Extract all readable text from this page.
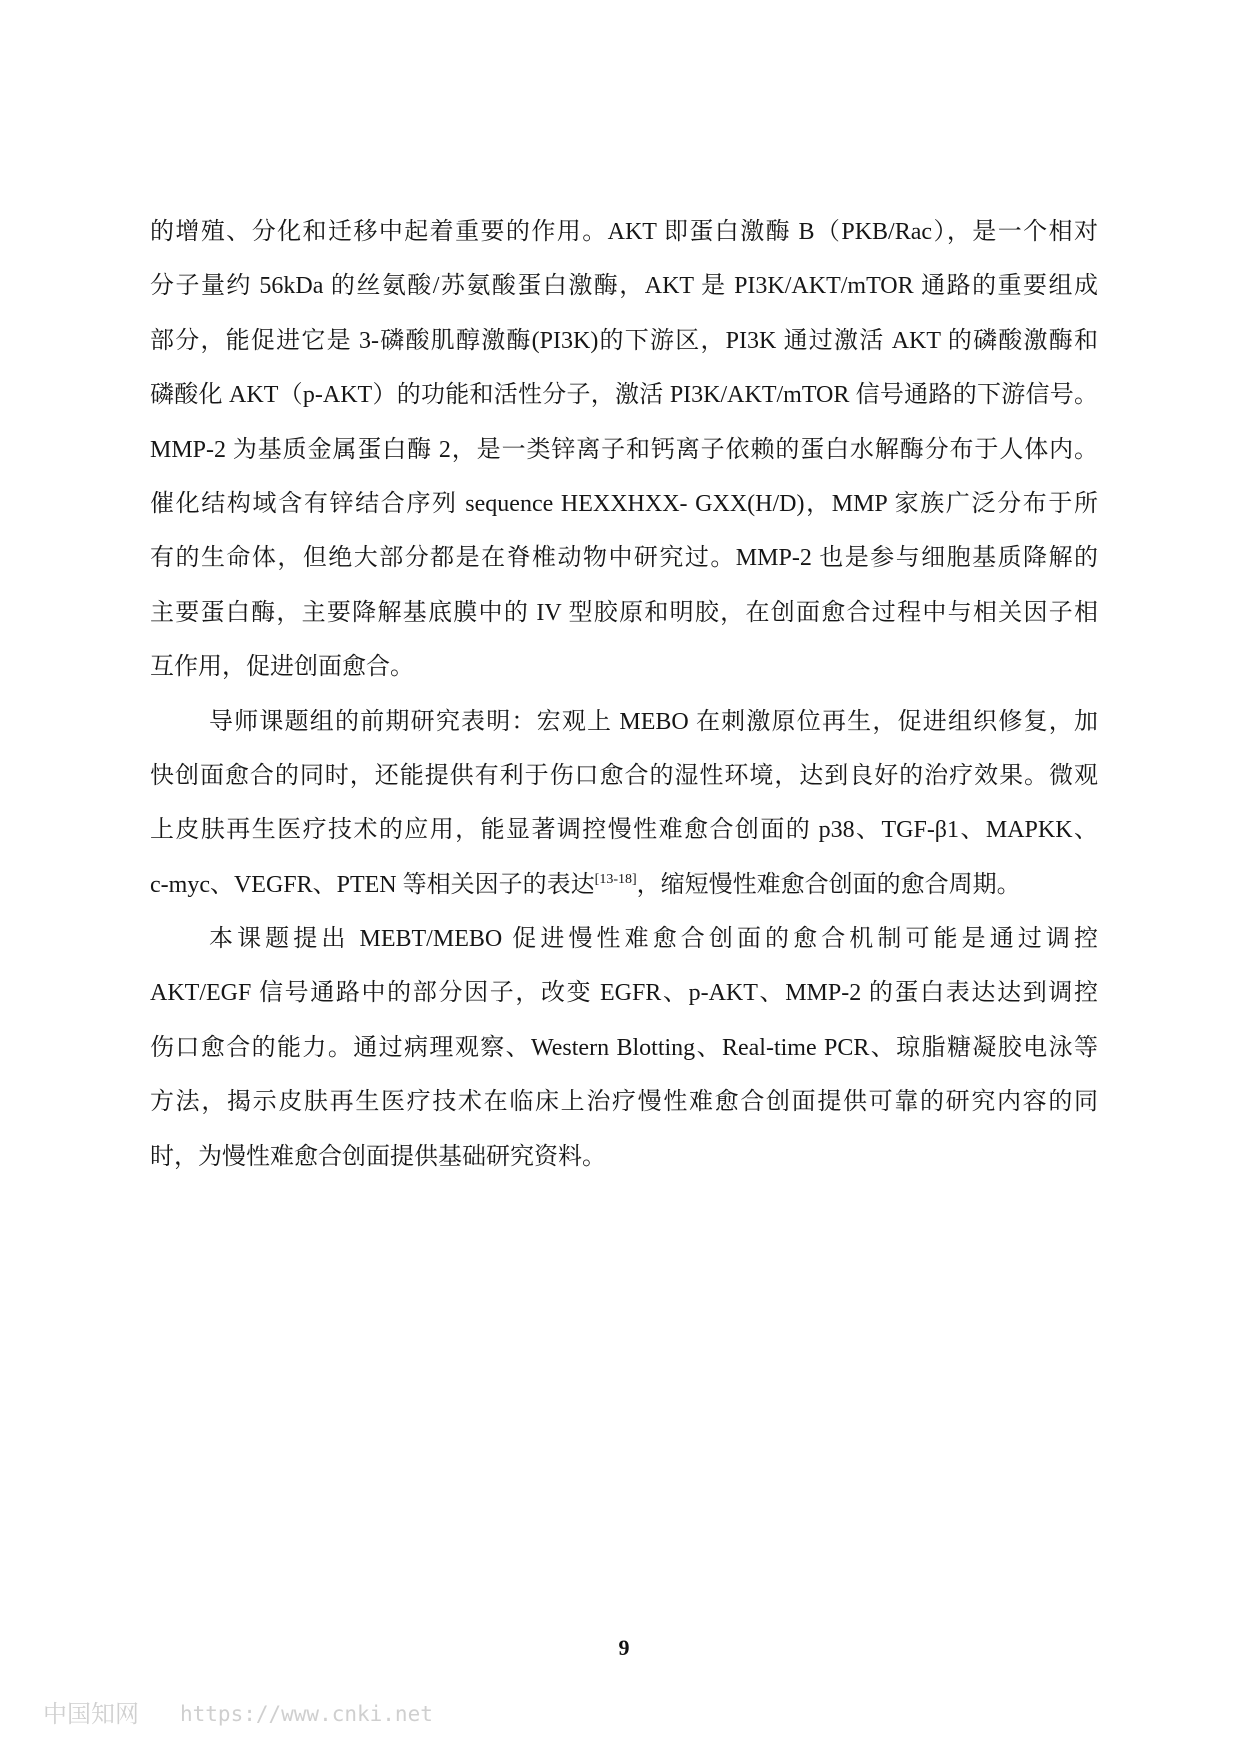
的增殖、分化和迁移中起着重要的作用。AKT 即蛋白激酶 B（PKB/Rac），是一个相对
分子量约 56kDa 的丝氨酸/苏氨酸蛋白激酶，AKT 是 PI3K/AKT/mTOR 通路的重要组成
部分，能促进它是 3-磷酸肌醇激酶(PI3K)的下游区，PI3K 通过激活 AKT 的磷酸激酶和
磷酸化 AKT（p-AKT）的功能和活性分子，激活 PI3K/AKT/mTOR 信号通路的下游信号。
MMP-2 为基质金属蛋白酶 2，是一类锌离子和钙离子依赖的蛋白水解酶分布于人体内。
催化结构域含有锌结合序列 sequence HEXXHXX- GXX(H/D)，MMP 家族广泛分布于所
有的生命体，但绝大部分都是在脊椎动物中研究过。MMP-2 也是参与细胞基质降解的
主要蛋白酶，主要降解基底膜中的 IV 型胶原和明胶，在创面愈合过程中与相关因子相
互作用，促进创面愈合。
导师课题组的前期研究表明：宏观上 MEBO 在刺激原位再生，促进组织修复，加
快创面愈合的同时，还能提供有利于伤口愈合的湿性环境，达到良好的治疗效果。微观
上皮肤再生医疗技术的应用，能显著调控慢性难愈合创面的 p38、TGF-β1、MAPKK、
c-myc、VEGFR、PTEN 等相关因子的表达[13-18]，缩短慢性难愈合创面的愈合周期。
本课题提出 MEBT/MEBO 促进慢性难愈合创面的愈合机制可能是通过调控
AKT/EGF 信号通路中的部分因子，改变 EGFR、p-AKT、MMP-2 的蛋白表达达到调控
伤口愈合的能力。通过病理观察、Western Blotting、Real-time PCR、琼脂糖凝胶电泳等
方法，揭示皮肤再生医疗技术在临床上治疗慢性难愈合创面提供可靠的研究内容的同
时，为慢性难愈合创面提供基础研究资料。
9
中国知网 https://www.cnki.net
